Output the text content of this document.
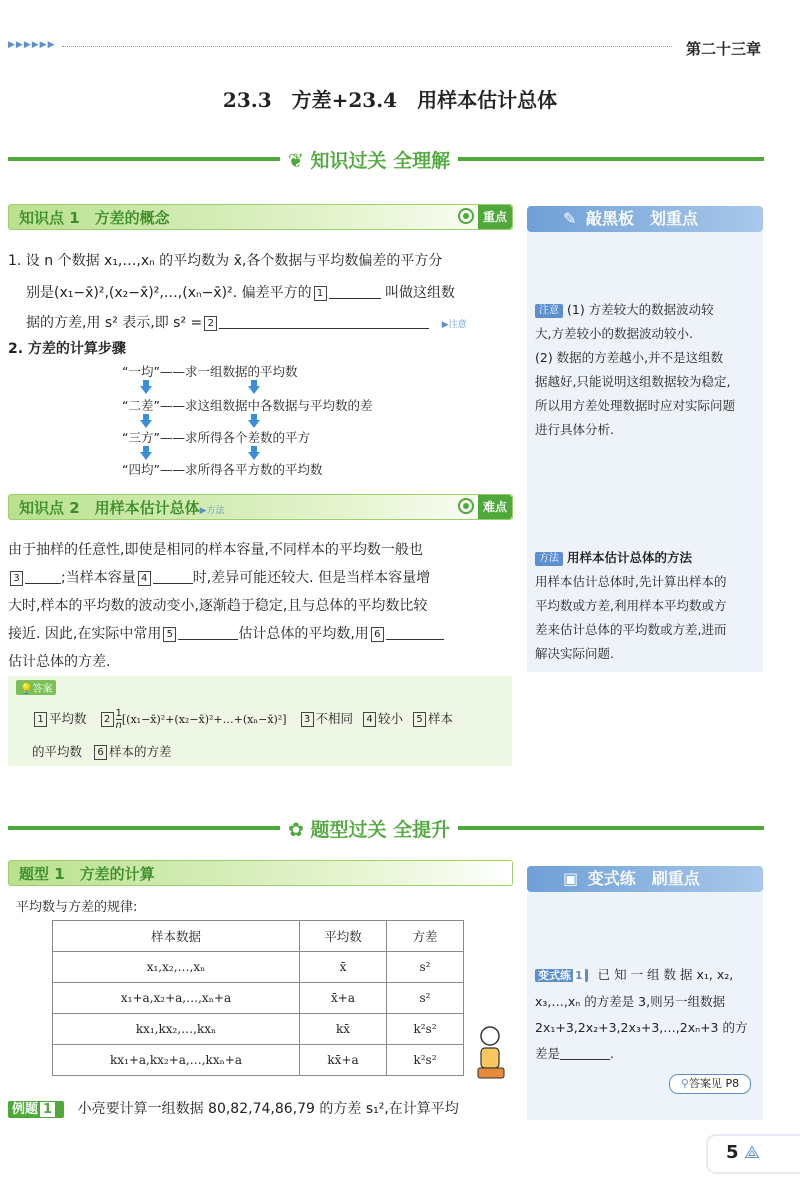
▶▶▶▶▶▶	第二十三章
23.3　方差+23.4　用样本估计总体
❦ 知识过关 全理解
知识点 1　方差的概念	重点
1. 设 n 个数据 x₁,…,xₙ 的平均数为 x̄,各个数据与平均数偏差的平方分
别是(x₁−x̄)²,(x₂−x̄)²,…,(xₙ−x̄)². 偏差平方的 1	叫做这组数
据的方差,用 s² 表示,即 s² = 2	▶注意
2. 方差的计算步骤
“一均”——求一组数据的平均数
“二差”——求这组数据中各数据与平均数的差
“三方”——求所得各个差数的平方
“四均”——求所得各平方数的平均数
知识点 2　用样本估计总体▶方法	难点
由于抽样的任意性,即使是相同的样本容量,不同样本的平均数一般也
3	;当样本容量 4	时,差异可能还较大. 但是当样本容量增
大时,样本的平均数的波动变小,逐渐趋于稳定,且与总体的平均数比较
接近. 因此,在实际中常用 5	估计总体的平均数,用 6
估计总体的方差.
💡答案
1 平均数 $2 \frac{1}{n}$ [(x₁−x̄)²+(x₂−x̄)²+…+(xₙ−x̄)²] 3 不相同 4 较小 5 样本
的平均数 6 样本的方差
✎ 敲黑板　划重点
注意 (1) 方差较大的数据波动较
大,方差较小的数据波动较小.
(2) 数据的方差越小,并不是这组数
据越好,只能说明这组数据较为稳定,
所以用方差处理数据时应对实际问题
进行具体分析.
方法 用样本估计总体的方法
用样本估计总体时,先计算出样本的
平均数或方差,利用样本平均数或方
差来估计总体的平均数或方差,进而
解决实际问题.
✿ 题型过关 全提升
题型 1　方差的计算
平均数与方差的规律:
样本数据	平均数	方差
x₁,x₂,…,xₙ	x̄	s²
x₁+a,x₂+a,…,xₙ+a	x̄+a	s²
kx₁,kx₂,…,kxₙ	kx̄	k²s²
kx₁+a,kx₂+a,…,kxₙ+a	kx̄+a	k²s²
例题 1 小亮要计算一组数据 80,82,74,86,79 的方差 s₁²,在计算平均
▣ 变式练　刷重点
变式练 1 已 知 一 组 数 据 x₁, x₂,
x₃,…,xₙ 的方差是 3,则另一组数据
2x₁+3,2x₂+3,2x₃+3,…,2xₙ+3 的方
差是	.
⚲答案见 P8
5 ⟁
